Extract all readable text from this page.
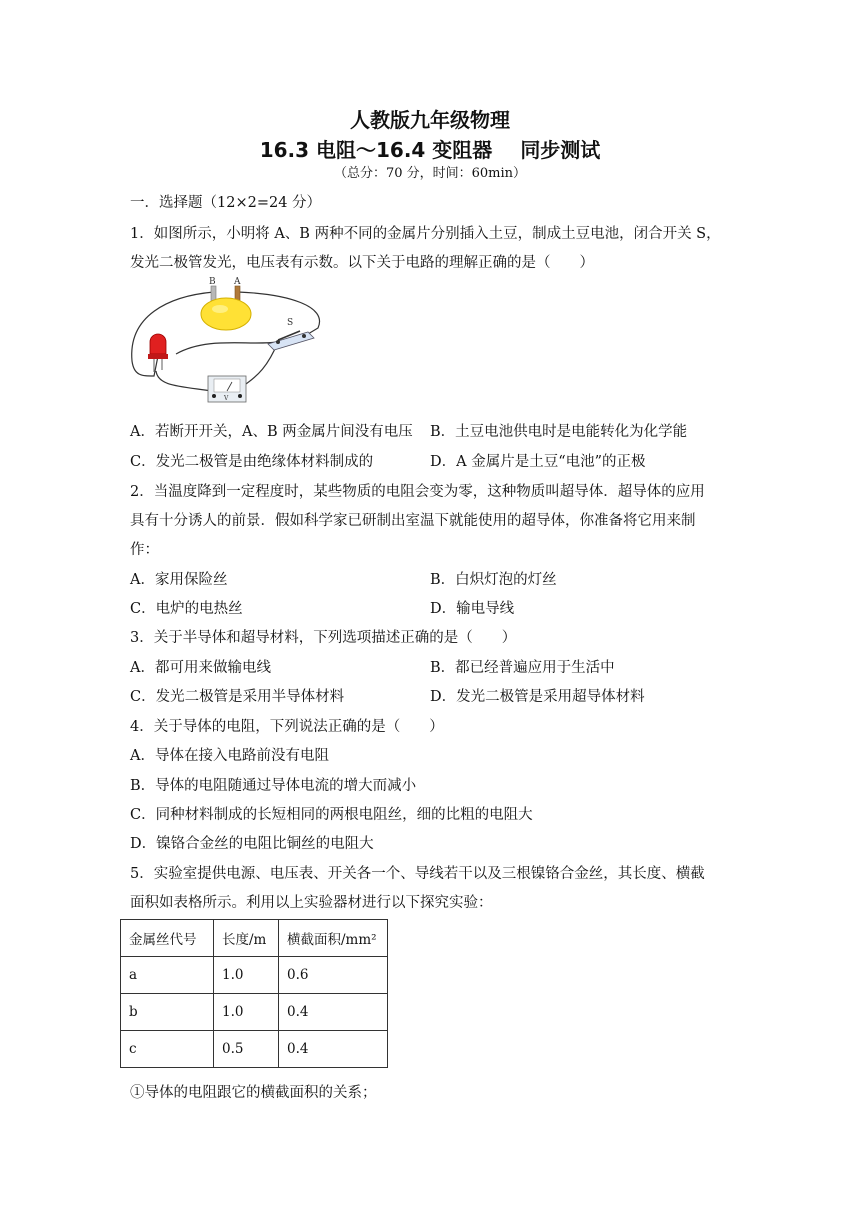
人教版九年级物理
16.3 电阻～16.4 变阻器 同步测试
（总分：70 分，时间：60min）
一．选择题（12×2=24 分）
1．如图所示，小明将 A、B 两种不同的金属片分别插入土豆，制成土豆电池，闭合开关 S，
发光二极管发光，电压表有示数。以下关于电路的理解正确的是（　　）
B A
S
V
A．若断开开关，A、B 两金属片间没有电压 B．土豆电池供电时是电能转化为化学能
C．发光二极管是由绝缘体材料制成的	D．A 金属片是土豆“电池”的正极
2．当温度降到一定程度时，某些物质的电阻会变为零，这种物质叫超导体．超导体的应用
具有十分诱人的前景．假如科学家已研制出室温下就能使用的超导体，你准备将它用来制
作：
A．家用保险丝	B．白炽灯泡的灯丝
C．电炉的电热丝	D．输电导线
3．关于半导体和超导材料，下列选项描述正确的是（　　）
A．都可用来做输电线	B．都已经普遍应用于生活中
C．发光二极管是采用半导体材料	D．发光二极管是采用超导体材料
4．关于导体的电阻，下列说法正确的是（　　）
A．导体在接入电路前没有电阻
B．导体的电阻随通过导体电流的增大而减小
C．同种材料制成的长短相同的两根电阻丝，细的比粗的电阻大
D．镍铬合金丝的电阻比铜丝的电阻大
5．实验室提供电源、电压表、开关各一个、导线若干以及三根镍铬合金丝，其长度、横截
面积如表格所示。利用以上实验器材进行以下探究实验：
金属丝代号	长度/m	横截面积/mm²
a	1.0	0.6
b	1.0	0.4
c	0.5	0.4
①导体的电阻跟它的横截面积的关系；
